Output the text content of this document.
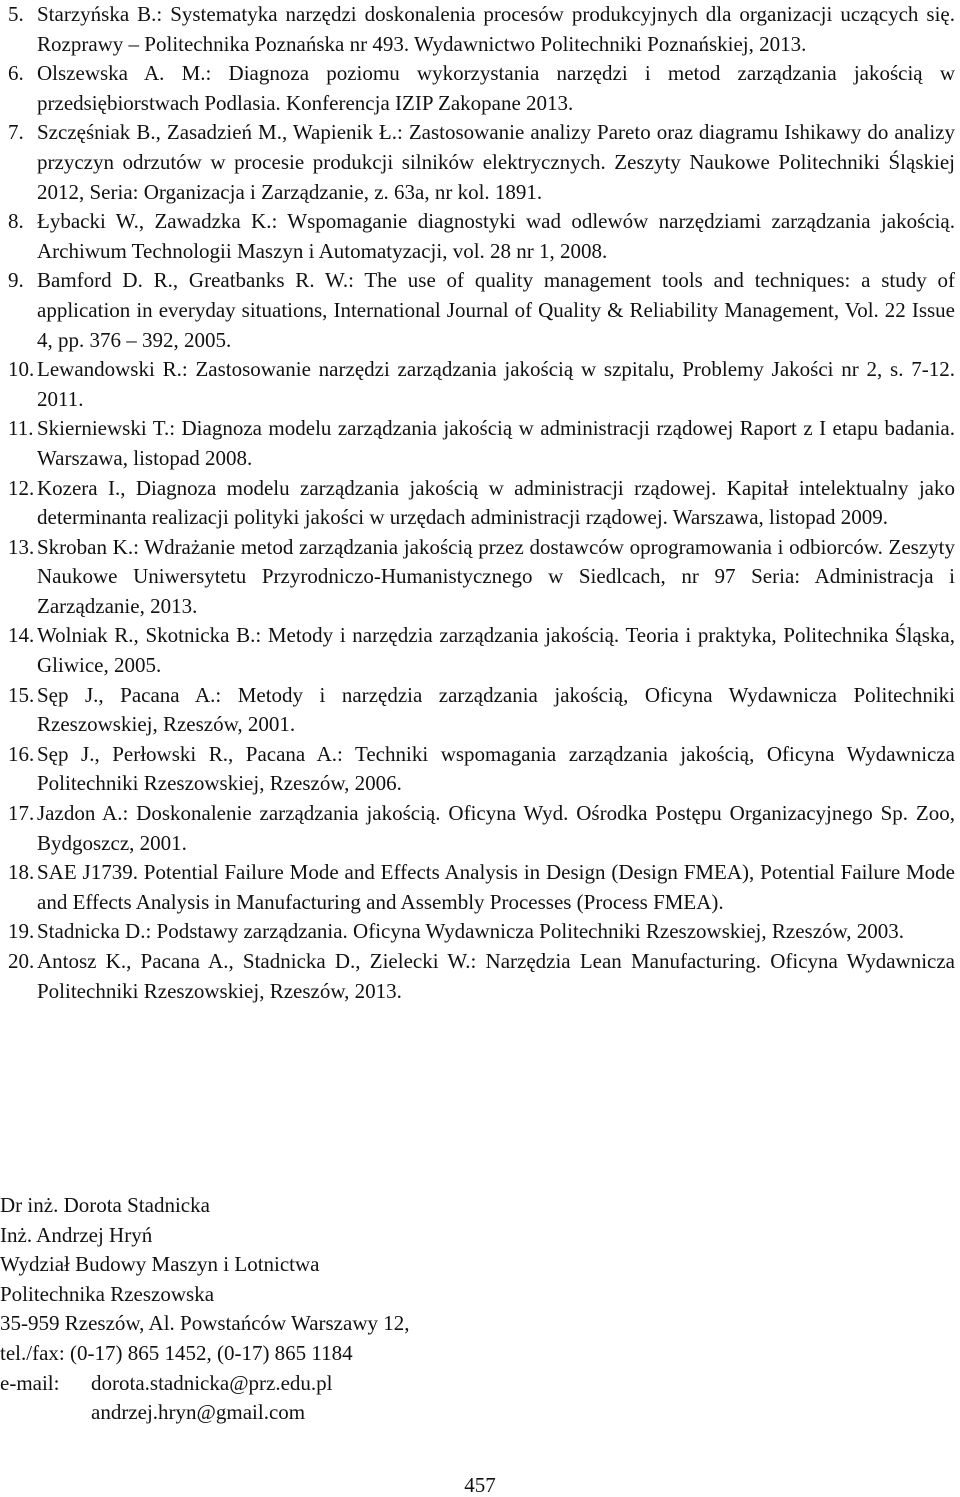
5. Starzyńska B.: Systematyka narzędzi doskonalenia procesów produkcyjnych dla organizacji uczących się. Rozprawy – Politechnika Poznańska nr 493. Wydawnictwo Politechniki Poznańskiej, 2013.
6. Olszewska A. M.: Diagnoza poziomu wykorzystania narzędzi i metod zarządzania jakością w przedsiębiorstwach Podlasia. Konferencja IZIP Zakopane 2013.
7. Szczęśniak B., Zasadzień M., Wapienik Ł.: Zastosowanie analizy Pareto oraz diagramu Ishikawy do analizy przyczyn odrzutów w procesie produkcji silników elektrycznych. Zeszyty Naukowe Politechniki Śląskiej 2012, Seria: Organizacja i Zarządzanie, z. 63a, nr kol. 1891.
8. Łybacki W., Zawadzka K.: Wspomaganie diagnostyki wad odlewów narzędziami zarządzania jakością. Archiwum Technologii Maszyn i Automatyzacji, vol. 28 nr 1, 2008.
9. Bamford D. R., Greatbanks R. W.: The use of quality management tools and techniques: a study of application in everyday situations, International Journal of Quality & Reliability Management, Vol. 22 Issue 4, pp. 376 – 392, 2005.
10. Lewandowski R.: Zastosowanie narzędzi zarządzania jakością w szpitalu, Problemy Jakości nr 2, s. 7-12. 2011.
11. Skierniewski T.: Diagnoza modelu zarządzania jakością w administracji rządowej Raport z I etapu badania. Warszawa, listopad 2008.
12. Kozera I., Diagnoza modelu zarządzania jakością w administracji rządowej. Kapitał intelektualny jako determinanta realizacji polityki jakości w urzędach administracji rządowej. Warszawa, listopad 2009.
13. Skroban K.: Wdrażanie metod zarządzania jakością przez dostawców oprogramowania i odbiorców. Zeszyty Naukowe Uniwersytetu Przyrodniczo-Humanistycznego w Siedlcach, nr 97 Seria: Administracja i Zarządzanie, 2013.
14. Wolniak R., Skotnicka B.: Metody i narzędzia zarządzania jakością. Teoria i praktyka, Politechnika Śląska, Gliwice, 2005.
15. Sęp J., Pacana A.: Metody i narzędzia zarządzania jakością, Oficyna Wydawnicza Politechniki Rzeszowskiej, Rzeszów, 2001.
16. Sęp J., Perłowski R., Pacana A.: Techniki wspomagania zarządzania jakością, Oficyna Wydawnicza Politechniki Rzeszowskiej, Rzeszów, 2006.
17. Jazdon A.: Doskonalenie zarządzania jakością. Oficyna Wyd. Ośrodka Postępu Organizacyjnego Sp. Zoo, Bydgoszcz, 2001.
18. SAE J1739. Potential Failure Mode and Effects Analysis in Design (Design FMEA), Potential Failure Mode and Effects Analysis in Manufacturing and Assembly Processes (Process FMEA).
19. Stadnicka D.: Podstawy zarządzania. Oficyna Wydawnicza Politechniki Rzeszowskiej, Rzeszów, 2003.
20. Antosz K., Pacana A., Stadnicka D., Zielecki W.: Narzędzia Lean Manufacturing. Oficyna Wydawnicza Politechniki Rzeszowskiej, Rzeszów, 2013.
Dr inż. Dorota Stadnicka
Inż. Andrzej Hryń
Wydział Budowy Maszyn i Lotnictwa
Politechnika Rzeszowska
35-959 Rzeszów, Al. Powstańców Warszawy 12,
tel./fax: (0-17) 865 1452, (0-17) 865 1184
e-mail:	dorota.stadnicka@prz.edu.pl
andrzej.hryn@gmail.com
457
